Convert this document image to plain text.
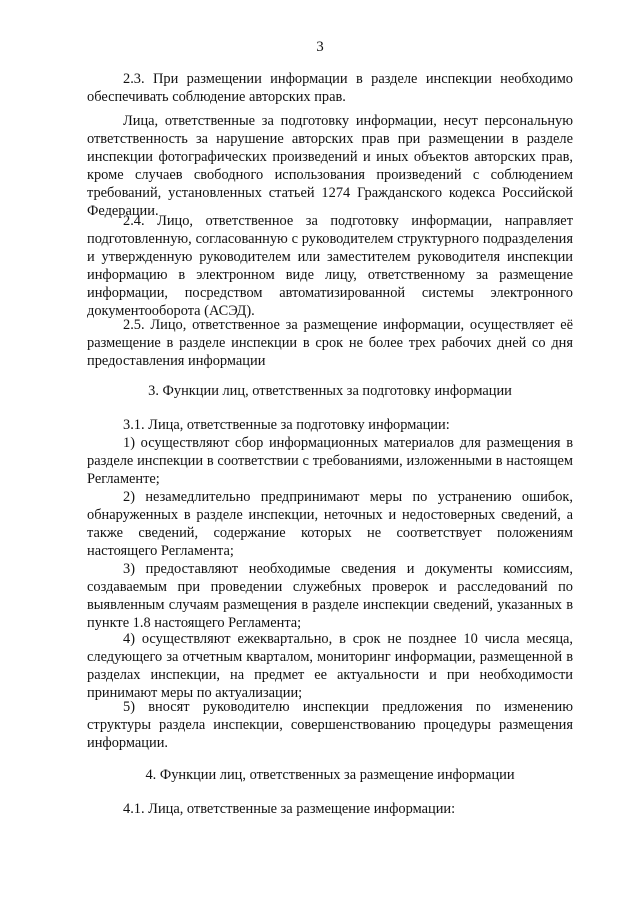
3

2.3. При размещении информации в разделе инспекции необходимо обеспечивать соблюдение авторских прав.

Лица, ответственные за подготовку информации, несут персональную ответственность за нарушение авторских прав при размещении в разделе инспекции фотографических произведений и иных объектов авторских прав, кроме случаев свободного использования произведений с соблюдением требований, установленных статьей 1274 Гражданского кодекса Российской Федерации.

2.4. Лицо, ответственное за подготовку информации, направляет подготовленную, согласованную с руководителем структурного подразделения и утвержденную руководителем или заместителем руководителя инспекции информацию в электронном виде лицу, ответственному за размещение информации, посредством автоматизированной системы электронного документооборота (АСЭД).

2.5. Лицо, ответственное за размещение информации, осуществляет её размещение в разделе инспекции в срок не более трех рабочих дней со дня предоставления информации

3. Функции лиц, ответственных за подготовку информации

3.1. Лица, ответственные за подготовку информации:

1) осуществляют сбор информационных материалов для размещения в разделе инспекции в соответствии с требованиями, изложенными в настоящем Регламенте;

2) незамедлительно предпринимают меры по устранению ошибок, обнаруженных в разделе инспекции, неточных и недостоверных сведений, а также сведений, содержание которых не соответствует положениям настоящего Регламента;

3) предоставляют необходимые сведения и документы комиссиям, создаваемым при проведении служебных проверок и расследований по выявленным случаям размещения в разделе инспекции сведений, указанных в пункте 1.8 настоящего Регламента;

4) осуществляют ежеквартально, в срок не позднее 10 числа месяца, следующего за отчетным кварталом, мониторинг информации, размещенной в разделах инспекции, на предмет ее актуальности и при необходимости принимают меры по актуализации;

5) вносят руководителю инспекции предложения по изменению структуры раздела инспекции, совершенствованию процедуры размещения информации.

4. Функции лиц, ответственных за размещение информации

4.1. Лица, ответственные за размещение информации:
